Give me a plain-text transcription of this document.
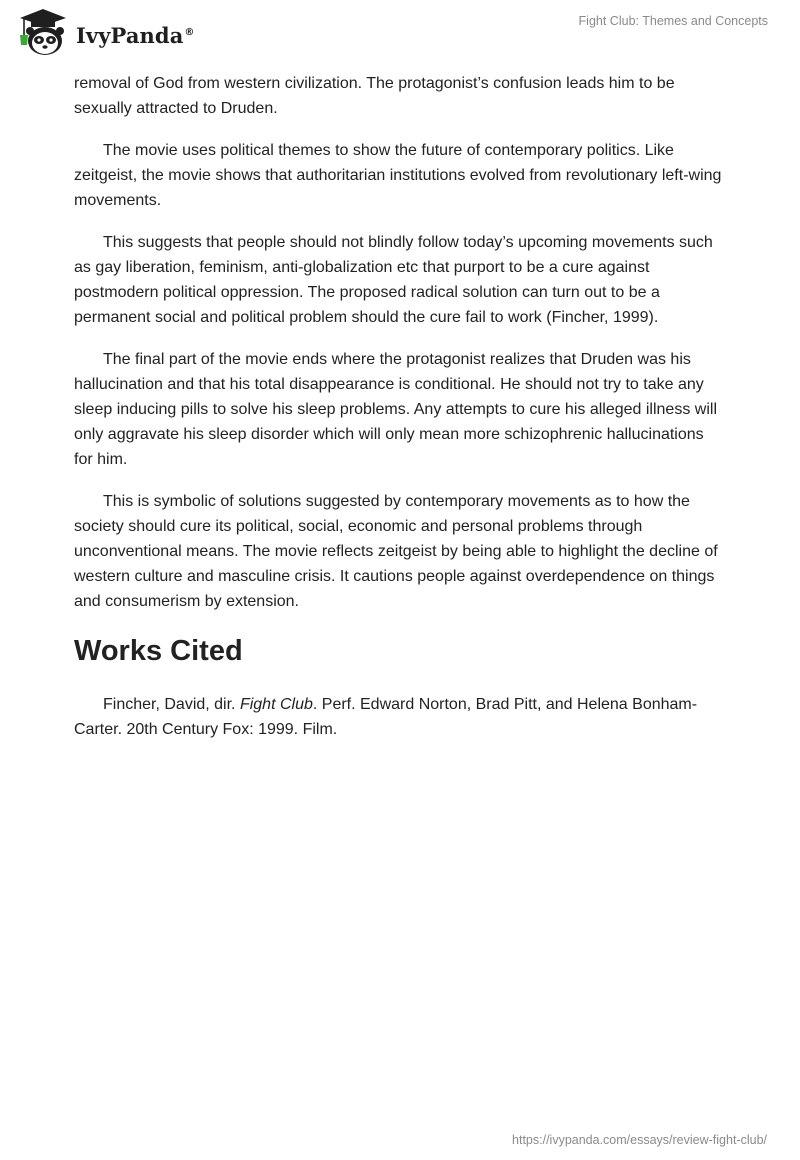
IvyPanda®
Fight Club: Themes and Concepts

removal of God from western civilization. The protagonist’s confusion leads him to be sexually attracted to Druden.

The movie uses political themes to show the future of contemporary politics. Like zeitgeist, the movie shows that authoritarian institutions evolved from revolutionary left-wing movements.

This suggests that people should not blindly follow today’s upcoming movements such as gay liberation, feminism, anti-globalization etc that purport to be a cure against postmodern political oppression. The proposed radical solution can turn out to be a permanent social and political problem should the cure fail to work (Fincher, 1999).

The final part of the movie ends where the protagonist realizes that Druden was his hallucination and that his total disappearance is conditional. He should not try to take any sleep inducing pills to solve his sleep problems. Any attempts to cure his alleged illness will only aggravate his sleep disorder which will only mean more schizophrenic hallucinations for him.

This is symbolic of solutions suggested by contemporary movements as to how the society should cure its political, social, economic and personal problems through unconventional means. The movie reflects zeitgeist by being able to highlight the decline of western culture and masculine crisis. It cautions people against overdependence on things and consumerism by extension.

Works Cited

Fincher, David, dir. Fight Club. Perf. Edward Norton, Brad Pitt, and Helena Bonham-Carter. 20th Century Fox: 1999. Film.

https://ivypanda.com/essays/review-fight-club/
